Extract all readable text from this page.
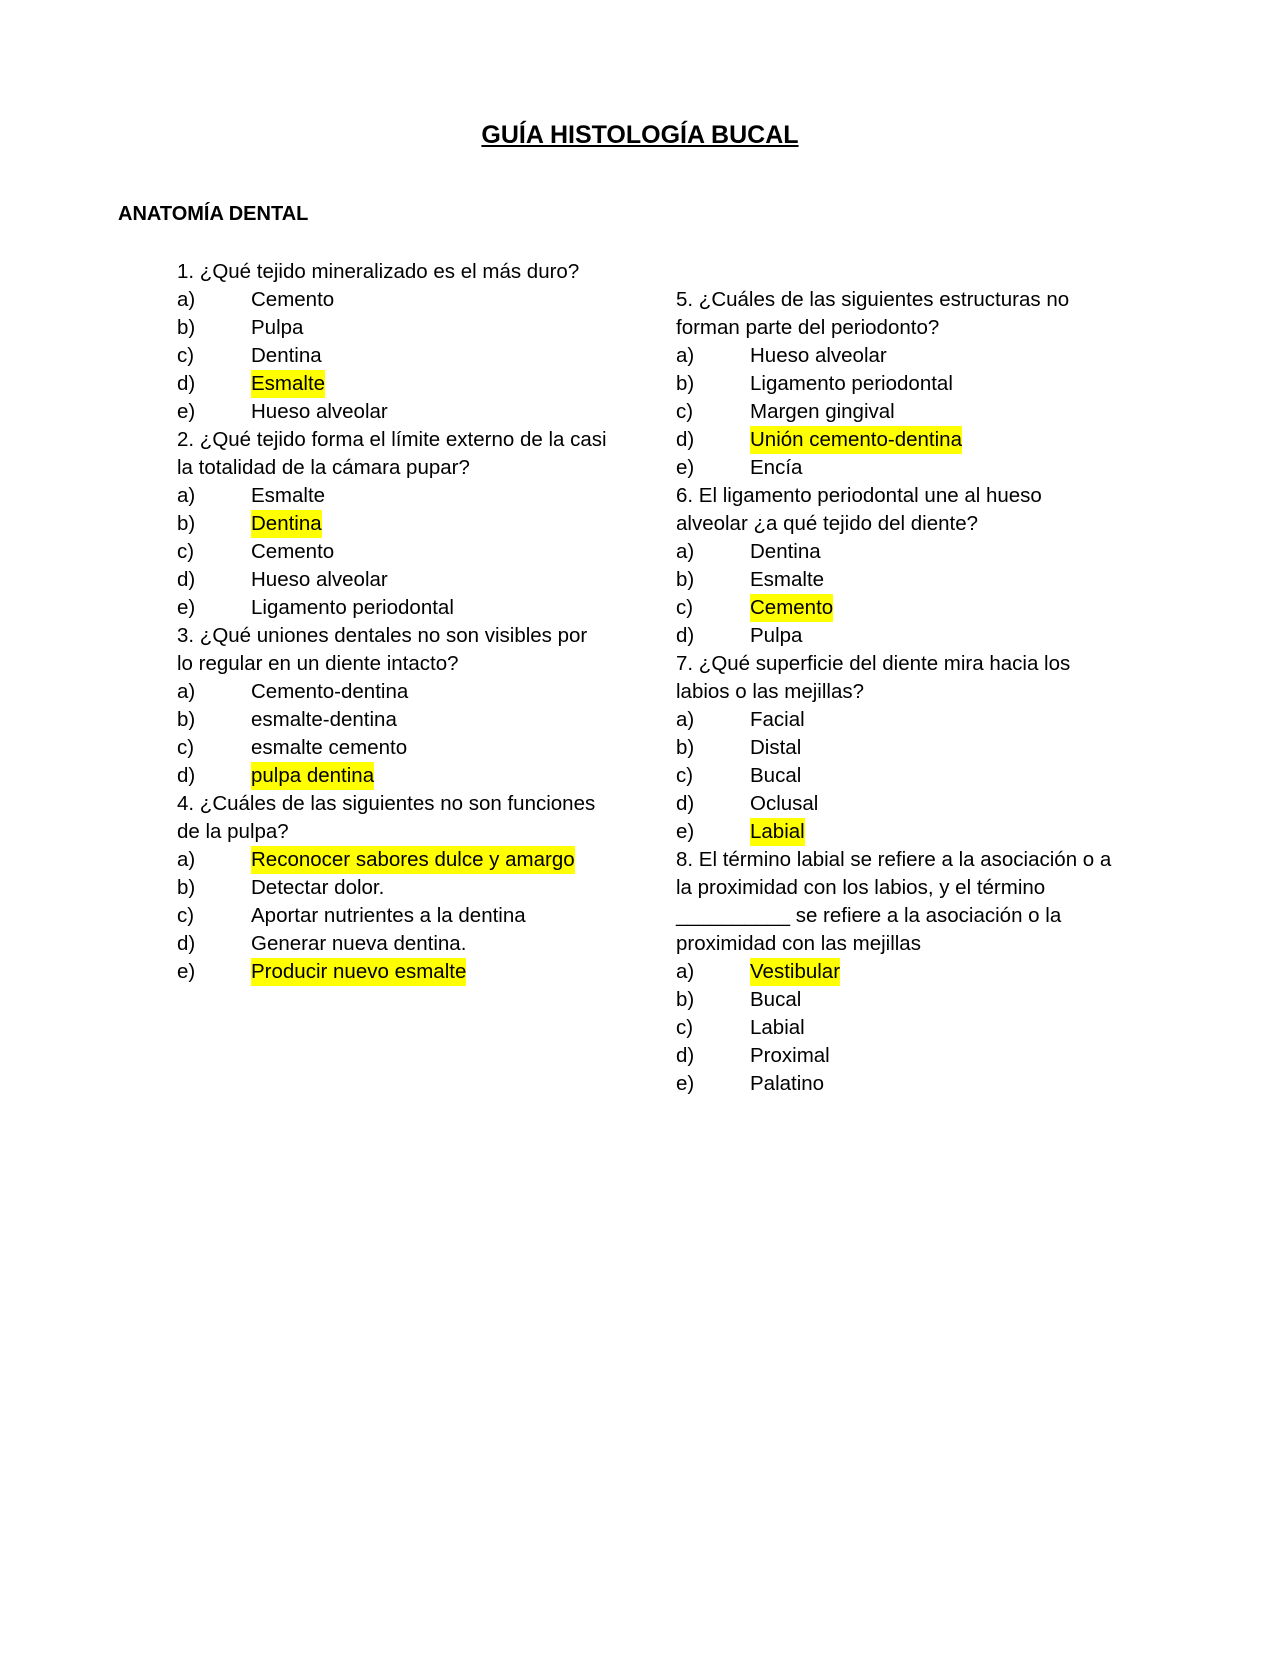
GUÍA HISTOLOGÍA BUCAL
ANATOMÍA DENTAL
1. ¿Qué tejido mineralizado es el más duro?
a)	Cemento
b)	Pulpa
c)	Dentina
d)	Esmalte
e)	Hueso alveolar
2. ¿Qué tejido forma el límite externo de la casi la totalidad de la cámara pupar?
a)	Esmalte
b)	Dentina
c)	Cemento
d)	Hueso alveolar
e)	Ligamento periodontal
3. ¿Qué uniones dentales no son visibles por lo regular en un diente intacto?
a)	Cemento-dentina
b)	esmalte-dentina
c)	esmalte cemento
d)	pulpa dentina
4. ¿Cuáles de las siguientes no son funciones de la pulpa?
a)	Reconocer sabores dulce y amargo
b)	Detectar dolor.
c)	Aportar nutrientes a la dentina
d)	Generar nueva dentina.
e)	Producir nuevo esmalte
5. ¿Cuáles de las siguientes estructuras no forman parte del periodonto?
a)	Hueso alveolar
b)	Ligamento periodontal
c)	Margen gingival
d)	Unión cemento-dentina
e)	Encía
6. El ligamento periodontal une al hueso alveolar ¿a qué tejido del diente?
a)	Dentina
b)	Esmalte
c)	Cemento
d)	Pulpa
7. ¿Qué superficie del diente mira hacia los labios o las mejillas?
a)	Facial
b)	Distal
c)	Bucal
d)	Oclusal
e)	Labial
8. El término labial se refiere a la asociación o a la proximidad con los labios, y el término __________ se refiere a la asociación o la proximidad con las mejillas
a)	Vestibular
b)	Bucal
c)	Labial
d)	Proximal
e)	Palatino
